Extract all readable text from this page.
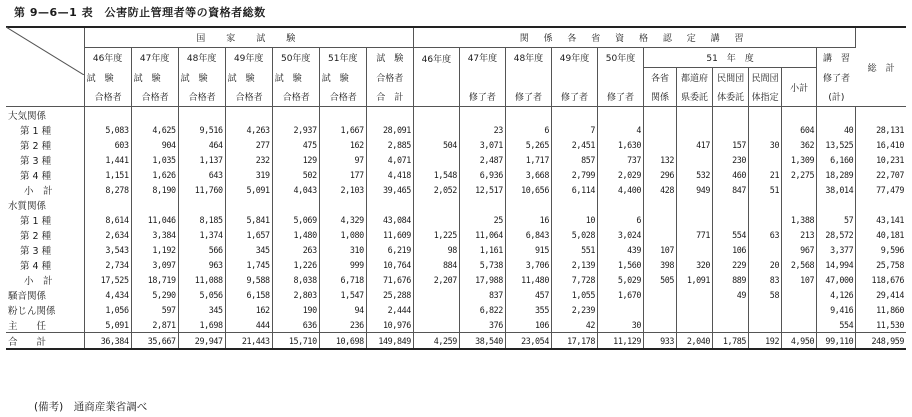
第 9—6—1 表　公害防止管理者等の資格者総数
	国　家　試　験							関 係 各 省 資 格 認 定 講 習											総　計
	46年度	47年度	48年度	49年度	50年度	51年度	試　験	46年度	47年度	48年度	49年度	50年度	51　年　度					講　習	
	試　験	試　験	試　験	試　験	試　験	試　験	合格者						各省	都道府	民間団	民間団	小計	修了者	
	合格者	合格者	合格者	合格者	合格者	合格者	合　計		修了者	修了者	修了者	修了者	関係	県委託	体委託	体指定		(計)	
大気関係																			
第 1 種	5,083	4,625	9,516	4,263	2,937	1,667	28,091		23	6	7	4					604	40	28,131
第 2 種	603	904	464	277	475	162	2,885	504	3,071	5,265	2,451	1,630		417	157	30	362	13,525	16,410
第 3 種	1,441	1,035	1,137	232	129	97	4,071		2,487	1,717	857	737	132		230		1,309	6,160	10,231
第 4 種	1,151	1,626	643	319	502	177	4,418	1,548	6,936	3,668	2,799	2,029	296	532	460	21	2,275	18,289	22,707
小　計	8,278	8,190	11,760	5,091	4,043	2,103	39,465	2,052	12,517	10,656	6,114	4,400	428	949	847	51		38,014	77,479
水質関係																			
第 1 種	8,614	11,046	8,185	5,841	5,069	4,329	43,084		25	16	10	6					1,388	57	43,141
第 2 種	2,634	3,384	1,374	1,657	1,480	1,080	11,609	1,225	11,064	6,843	5,028	3,024		771	554	63	213	28,572	40,181
第 3 種	3,543	1,192	566	345	263	310	6,219	98	1,161	915	551	439	107		106		967	3,377	9,596
第 4 種	2,734	3,097	963	1,745	1,226	999	10,764	884	5,738	3,706	2,139	1,560	398	320	229	20	2,568	14,994	25,758
小　計	17,525	18,719	11,088	9,588	8,038	6,718	71,676	2,207	17,988	11,480	7,728	5,029	505	1,091	889	83	107	47,000	118,676
騒音関係	4,434	5,290	5,056	6,158	2,803	1,547	25,288		837	457	1,055	1,670			49	58		4,126	29,414
粉じん関係	1,056	597	345	162	190	94	2,444		6,822	355	2,239							9,416	11,860
主　　任	5,091	2,871	1,698	444	636	236	10,976		376	106	42	30						554	11,530
合　　計	36,384	35,667	29,947	21,443	15,710	10,698	149,849	4,259	38,540	23,054	17,178	11,129	933	2,040	1,785	192	4,950	99,110	248,959
(備考)　通商産業省調べ
